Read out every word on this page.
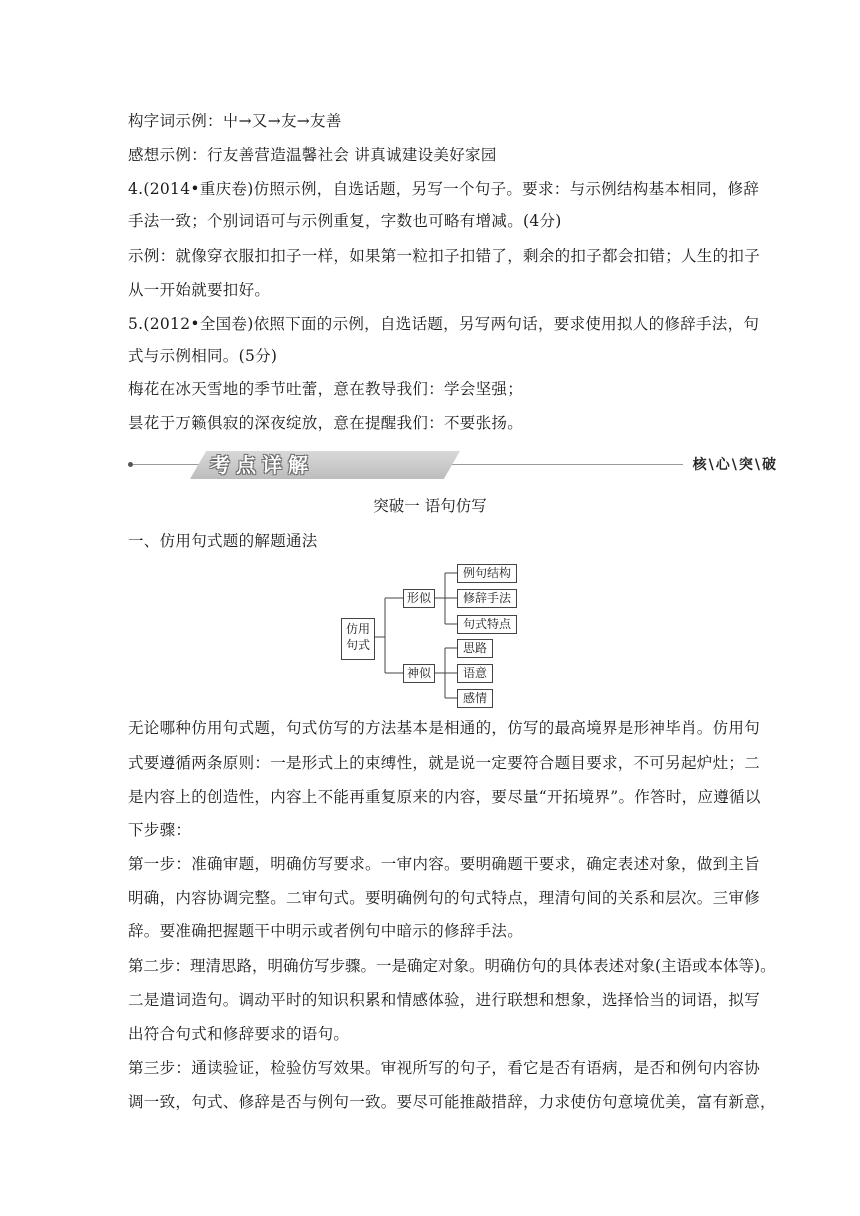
构字词示例：屮→又→友→友善
感想示例：行友善营造温馨社会 讲真诚建设美好家园
4.(2014•重庆卷)仿照示例，自选话题，另写一个句子。要求：与示例结构基本相同，修辞
手法一致；个别词语可与示例重复，字数也可略有增减。(4分)
示例：就像穿衣服扣扣子一样，如果第一粒扣子扣错了，剩余的扣子都会扣错；人生的扣子
从一开始就要扣好。
5.(2012•全国卷)依照下面的示例，自选话题，另写两句话，要求使用拟人的修辞手法，句
式与示例相同。(5分)
梅花在冰天雪地的季节吐蕾，意在教导我们：学会坚强；
昙花于万籁俱寂的深夜绽放，意在提醒我们：不要张扬。
考点详解	核\心\突\破
突破一 语句仿写
一、仿用句式题的解题通法
仿用
句式
形似
神似
例句结构
修辞手法
句式特点
思路
语意
感情
无论哪种仿用句式题，句式仿写的方法基本是相通的，仿写的最高境界是形神毕肖。仿用句
式要遵循两条原则：一是形式上的束缚性，就是说一定要符合题目要求，不可另起炉灶；二
是内容上的创造性，内容上不能再重复原来的内容，要尽量“开拓境界”。作答时，应遵循以
下步骤：
第一步：准确审题，明确仿写要求。一审内容。要明确题干要求，确定表述对象，做到主旨
明确，内容协调完整。二审句式。要明确例句的句式特点，理清句间的关系和层次。三审修
辞。要准确把握题干中明示或者例句中暗示的修辞手法。
第二步：理清思路，明确仿写步骤。一是确定对象。明确仿句的具体表述对象(主语或本体等)。
二是遣词造句。调动平时的知识积累和情感体验，进行联想和想象，选择恰当的词语，拟写
出符合句式和修辞要求的语句。
第三步：通读验证，检验仿写效果。审视所写的句子，看它是否有语病，是否和例句内容协
调一致，句式、修辞是否与例句一致。要尽可能推敲措辞，力求使仿句意境优美，富有新意，
